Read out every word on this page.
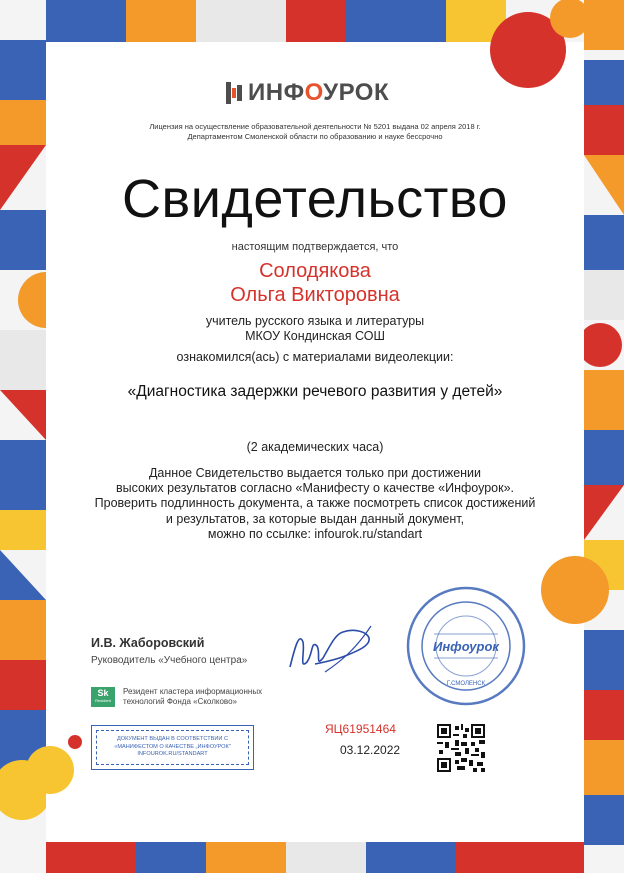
ИНФОУРОК
Лицензия на осуществление образовательной деятельности № 5201 выдана 02 апреля 2018 г.
Департаментом Смоленской области по образованию и науке бессрочно
Свидетельство
настоящим подтверждается, что
Солодякова
Ольга Викторовна
учитель русского языка и литературы
МКОУ Кондинская СОШ
ознакомился(ась) с материалами видеолекции:
«Диагностика задержки речевого развития у детей»
(2 академических часа)
Данное Свидетельство выдается только при достижении
высоких результатов согласно «Манифесту о качестве «Инфоурок».
Проверить подлинность документа, а также посмотреть список достижений
и результатов, за которые выдан данный документ,
можно по ссылке: infourok.ru/standart
И.В. Жаборовский
Руководитель «Учебного центра»
Инфоурок
Г.СМОЛЕНСК
Sk
Resident
Резидент кластера информационных
технологий Фонда «Сколково»
ДОКУМЕНТ ВЫДАН В СООТВЕТСТВИИ С
«МАНИФЕСТОМ О КАЧЕСТВЕ „ИНФОУРОК"
INFOUROK.RU/STANDART
ЯЦ61951464
03.12.2022
